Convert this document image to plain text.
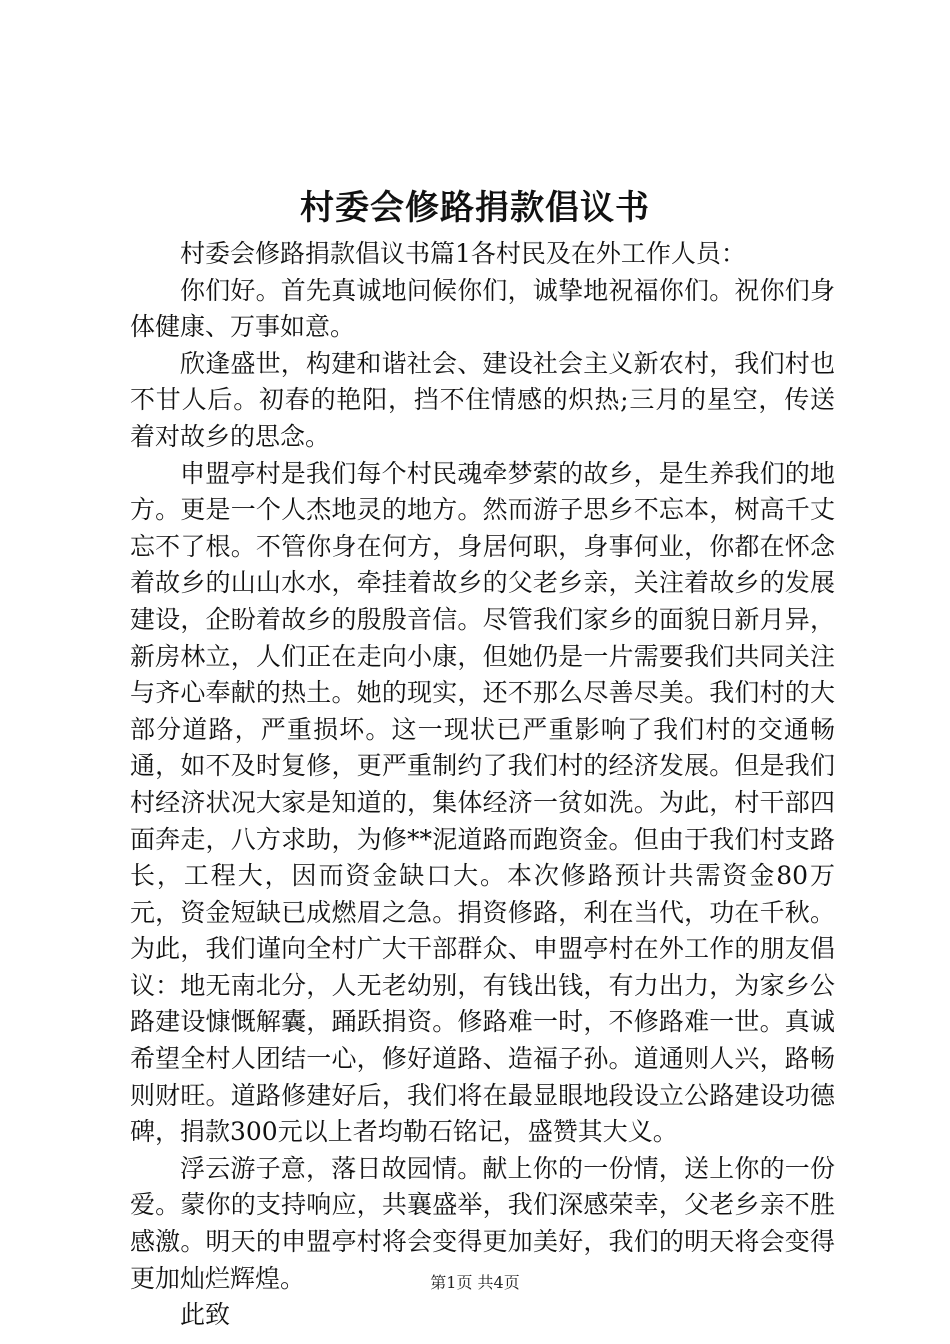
村委会修路捐款倡议书

村委会修路捐款倡议书篇1各村民及在外工作人员：

你们好。首先真诚地问候你们，诚挚地祝福你们。祝你们身体健康、万事如意。

欣逢盛世，构建和谐社会、建设社会主义新农村，我们村也不甘人后。初春的艳阳，挡不住情感的炽热;三月的星空，传送着对故乡的思念。

申盟亭村是我们每个村民魂牵梦萦的故乡，是生养我们的地方。更是一个人杰地灵的地方。然而游子思乡不忘本，树高千丈忘不了根。不管你身在何方，身居何职，身事何业，你都在怀念着故乡的山山水水，牵挂着故乡的父老乡亲，关注着故乡的发展建设，企盼着故乡的殷殷音信。尽管我们家乡的面貌日新月异，新房林立，人们正在走向小康，但她仍是一片需要我们共同关注与齐心奉献的热土。她的现实，还不那么尽善尽美。我们村的大部分道路，严重损坏。这一现状已严重影响了我们村的交通畅通，如不及时复修，更严重制约了我们村的经济发展。但是我们村经济状况大家是知道的，集体经济一贫如洗。为此，村干部四面奔走，八方求助，为修**泥道路而跑资金。但由于我们村支路长，工程大，因而资金缺口大。本次修路预计共需资金80万元，资金短缺已成燃眉之急。捐资修路，利在当代，功在千秋。为此，我们谨向全村广大干部群众、申盟亭村在外工作的朋友倡议：地无南北分，人无老幼别，有钱出钱，有力出力，为家乡公路建设慷慨解囊，踊跃捐资。修路难一时，不修路难一世。真诚希望全村人团结一心，修好道路、造福子孙。道通则人兴，路畅则财旺。道路修建好后，我们将在最显眼地段设立公路建设功德碑，捐款300元以上者均勒石铭记，盛赞其大义。

浮云游子意，落日故园情。献上你的一份情，送上你的一份爱。蒙你的支持响应，共襄盛举，我们深感荣幸，父老乡亲不胜感激。明天的申盟亭村将会变得更加美好，我们的明天将会变得更加灿烂辉煌。

此致

第1页 共4页
